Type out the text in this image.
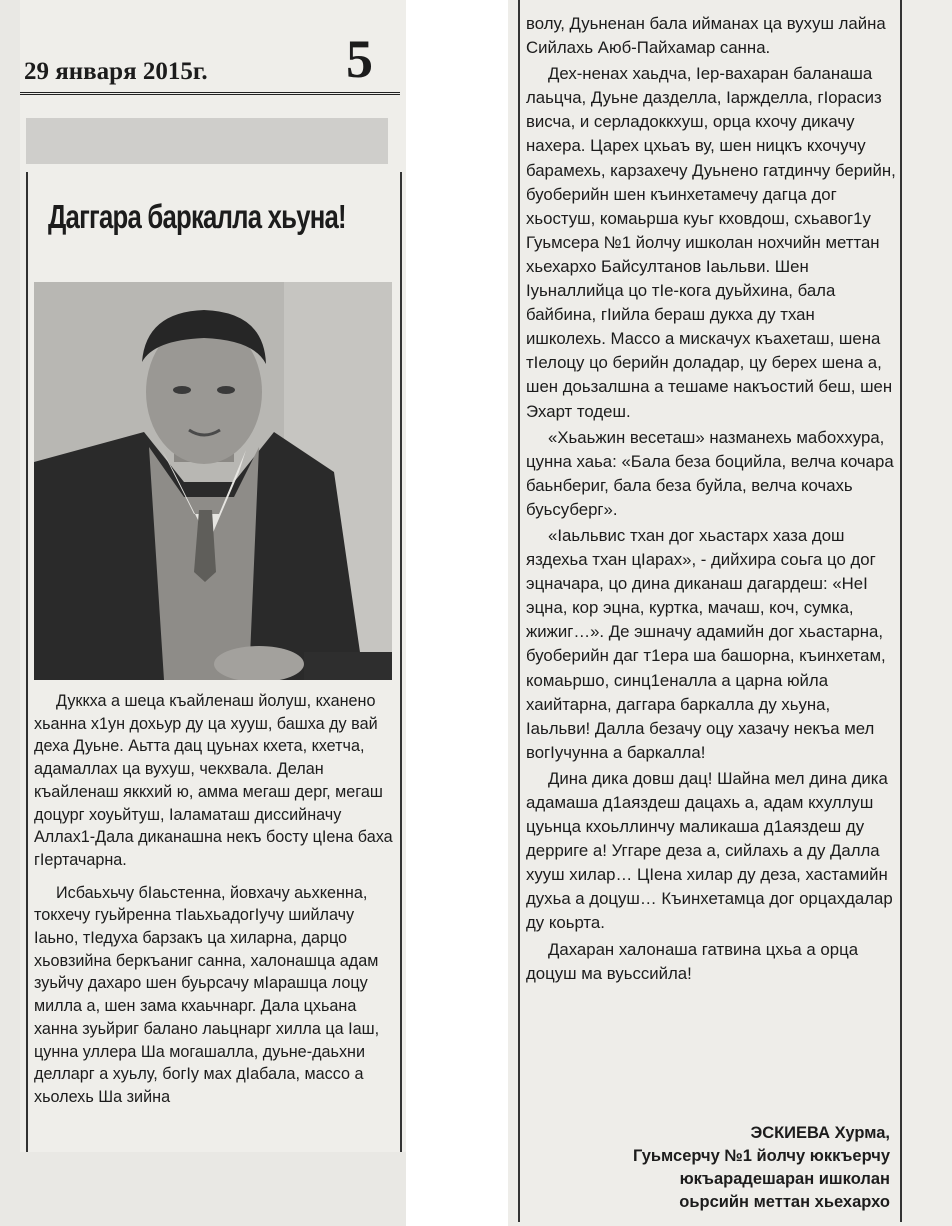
29 января 2015г.	5
Даггара баркалла хьуна!

Дуккха а шеца къайленаш йолуш, кханено хьанна х1ун дохьур ду ца хууш, башха ду вай деха Дуьне. Аьтта дац цуьнах кхета, кхетча, адамаллах ца вухуш, чекхвала. Делан къайленаш яккхий ю, амма мегаш дерг, мегаш доцург хоуьйтуш, Іаламаташ диссийначу Аллах1-Дала диканашна некъ босту цIена баха гIертачарна.

Исбаьхьчу бІаьстенна, йовхачу аьхкенна, токхечу гуьйренна тІаьхьадогІучу шийлачу Іаьно, тІедуха барзакъ ца хиларна, дарцо хьовзийна беркъаниг санна, халонашца адам зуьйчу дахаро шен буьрсачу мІарашца лоцу милла а, шен зама кхаьчнарг. Дала цхьана ханна зуьйриг балано лаьцнарг хилла ца Іаш, цунна уллера Ша могашалла, дуьне-даьхни делларг а хуьлу, богІу мах дІабала, массо а хьолехь Ша зийна

волу, Дуьненан бала ийманах ца вухуш лайна Сийлахь Аюб-Пайхамар санна.

Дех-ненах хаьдча, Іер-вахаран баланаша лаьцча, Дуьне дазделла, Іаржделла, гІорасиз висча, и серладоккхуш, орца кхочу дикачу нахера. Царех цхьаъ ву, шен ницкъ кхочучу барамехь, карзахечу Дуьнено гатдинчу берийн, буоберийн шен къинхетамечу дагца дог хьостуш, комаьрша куьг кховдош, схьавог1у Гуьмсера №1 йолчу ишколан нохчийн меттан хьехархо Байсултанов Іаьльви. Шен Іуьналлийца цо тІе-кога дуьйхина, бала байбина, гІийла бераш дукха ду тхан ишколехь. Массо а мискачух къахеташ, шена тІелоцу цо берийн доладар, цу берех шена а, шен доьзалшна а тешаме накъостий беш, шен Эхарт тодеш.

«Хьаьжин весеташ» назманехь мабоххура, цунна хаьа: «Бала беза боцийла, велча кочара баьнбериг, бала беза буйла, велча кочахь буьсуберг».

«Іаьльвис тхан дог хьастарх хаза дош яздехьа тхан цІарах», - дийхира соьга цо дог эцначара, цо дина диканаш дагардеш: «НеІ эцна, кор эцна, куртка, мачаш, коч, сумка, жижиг…». Де эшначу адамийн дог хьастарна, буоберийн даг т1ера ша башорна, къинхетам, комаьршо, синц1еналла а царна юйла хаийтарна, даггара баркалла ду хьуна, Іаьльви! Далла безачу оцу хазачу некъа мел вогІучунна а баркалла!

Дина дика довш дац! Шайна мел дина дика адамаша д1аяздеш дацахь а, адам кхуллуш цуьнца кхоьллинчу маликаша д1аяздеш ду дерриге а! Уггаре деза а, сийлахь а ду Далла хууш хилар… ЦIена хилар ду деза, хастамийн духьа а доцуш… Къинхетамца дог орцахдалар ду коьрта.

Дахаран халонаша гатвина цхьа а орца доцуш ма вуьссийла!

ЭСКИЕВА Хурма,
Гуьмсерчу №1 йолчу юккъерчу
юкъарадешаран ишколан
оьрсийн меттан хьехархо
